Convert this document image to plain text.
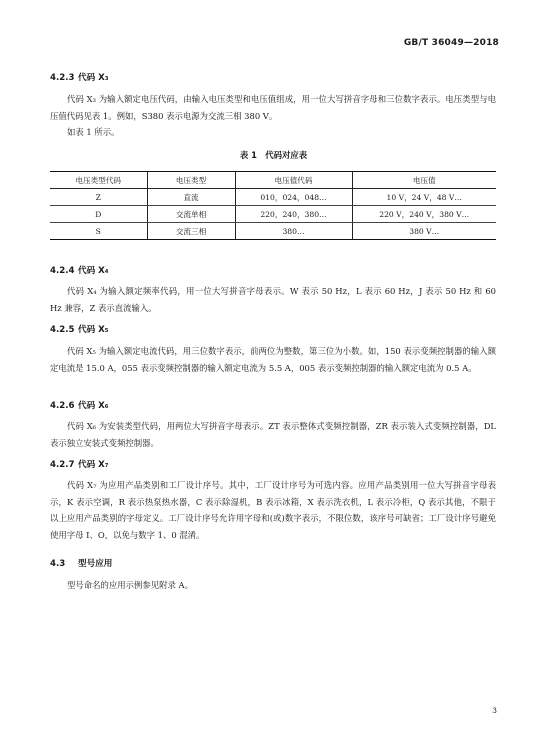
GB/T 36049—2018
4.2.3 代码 X₃
代码 X₃ 为输入额定电压代码，由输入电压类型和电压值组成，用一位大写拼音字母和三位数字表示。电压类型与电压值代码见表 1。例如，S380 表示电源为交流三相 380 V。
如表 1 所示。
表 1　代码对应表
电压类型代码	电压类型	电压值代码	电压值
Z	直流	010，024，048…	10 V，24 V，48 V…
D	交流单相	220，240，380…	220 V，240 V，380 V…
S	交流三相	380…	380 V…
4.2.4 代码 X₄
代码 X₄ 为输入额定频率代码，用一位大写拼音字母表示。W 表示 50 Hz，L 表示 60 Hz，J 表示 50 Hz 和 60 Hz 兼容，Z 表示直流输入。
4.2.5 代码 X₅
代码 X₅ 为输入额定电流代码，用三位数字表示，前两位为整数，第三位为小数。如，150 表示变频控制器的输入额定电流是 15.0 A，055 表示变频控制器的输入额定电流为 5.5 A，005 表示变频控制器的输入额定电流为 0.5 A。
4.2.6 代码 X₆
代码 X₆ 为安装类型代码，用两位大写拼音字母表示。ZT 表示整体式变频控制器，ZR 表示装入式变频控制器，DL 表示独立安装式变频控制器。
4.2.7 代码 X₇
代码 X₇ 为应用产品类别和工厂设计序号。其中，工厂设计序号为可选内容。应用产品类别用一位大写拼音字母表示，K 表示空调，R 表示热泵热水器，C 表示除湿机，B 表示冰箱，X 表示洗衣机，L 表示冷柜，Q 表示其他，不限于以上应用产品类别的字母定义。工厂设计序号允许用字母和(或)数字表示，不限位数，该序号可缺省；工厂设计序号避免使用字母 I、O，以免与数字 1、0 混淆。
4.3 型号应用
型号命名的应用示例参见附录 A。
3
